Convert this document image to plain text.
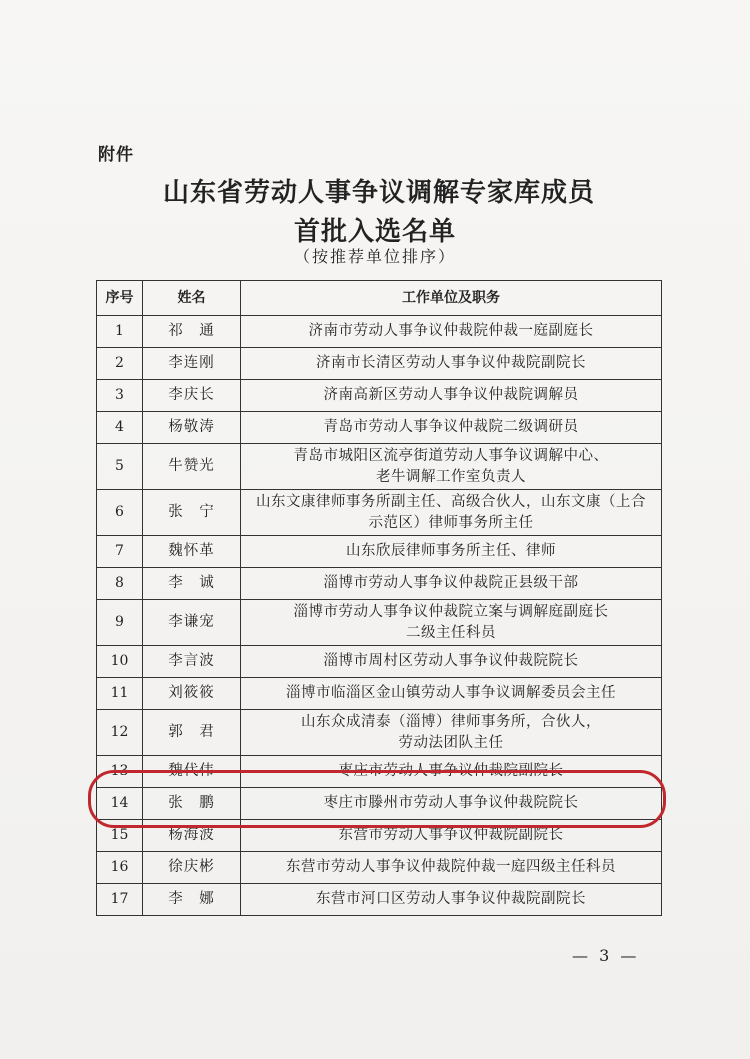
附件
山东省劳动人事争议调解专家库成员
首批入选名单
（按推荐单位排序）
序号	姓名	工作单位及职务
1	祁　通	济南市劳动人事争议仲裁院仲裁一庭副庭长

2	李连刚	济南市长清区劳动人事争议仲裁院副院长

3	李庆长	济南高新区劳动人事争议仲裁院调解员

4	杨敬涛	青岛市劳动人事争议仲裁院二级调研员

5	牛赞光	青岛市城阳区流亭街道劳动人事争议调解中心、
老牛调解工作室负责人

6	张　宁	山东文康律师事务所副主任、高级合伙人，山东文康（上合
示范区）律师事务所主任

7	魏怀革	山东欣辰律师事务所主任、律师

8	李　诚	淄博市劳动人事争议仲裁院正县级干部

9	李谦宠	淄博市劳动人事争议仲裁院立案与调解庭副庭长
二级主任科员

10	李言波	淄博市周村区劳动人事争议仲裁院院长

11	刘筱筱	淄博市临淄区金山镇劳动人事争议调解委员会主任

12	郭　君	山东众成清泰（淄博）律师事务所，合伙人，
劳动法团队主任

13	魏代伟	枣庄市劳动人事争议仲裁院副院长

14	张　鹏	枣庄市滕州市劳动人事争议仲裁院院长

15	杨海波	东营市劳动人事争议仲裁院副院长

16	徐庆彬	东营市劳动人事争议仲裁院仲裁一庭四级主任科员

17	李　娜	东营市河口区劳动人事争议仲裁院副院长
— 3 —
